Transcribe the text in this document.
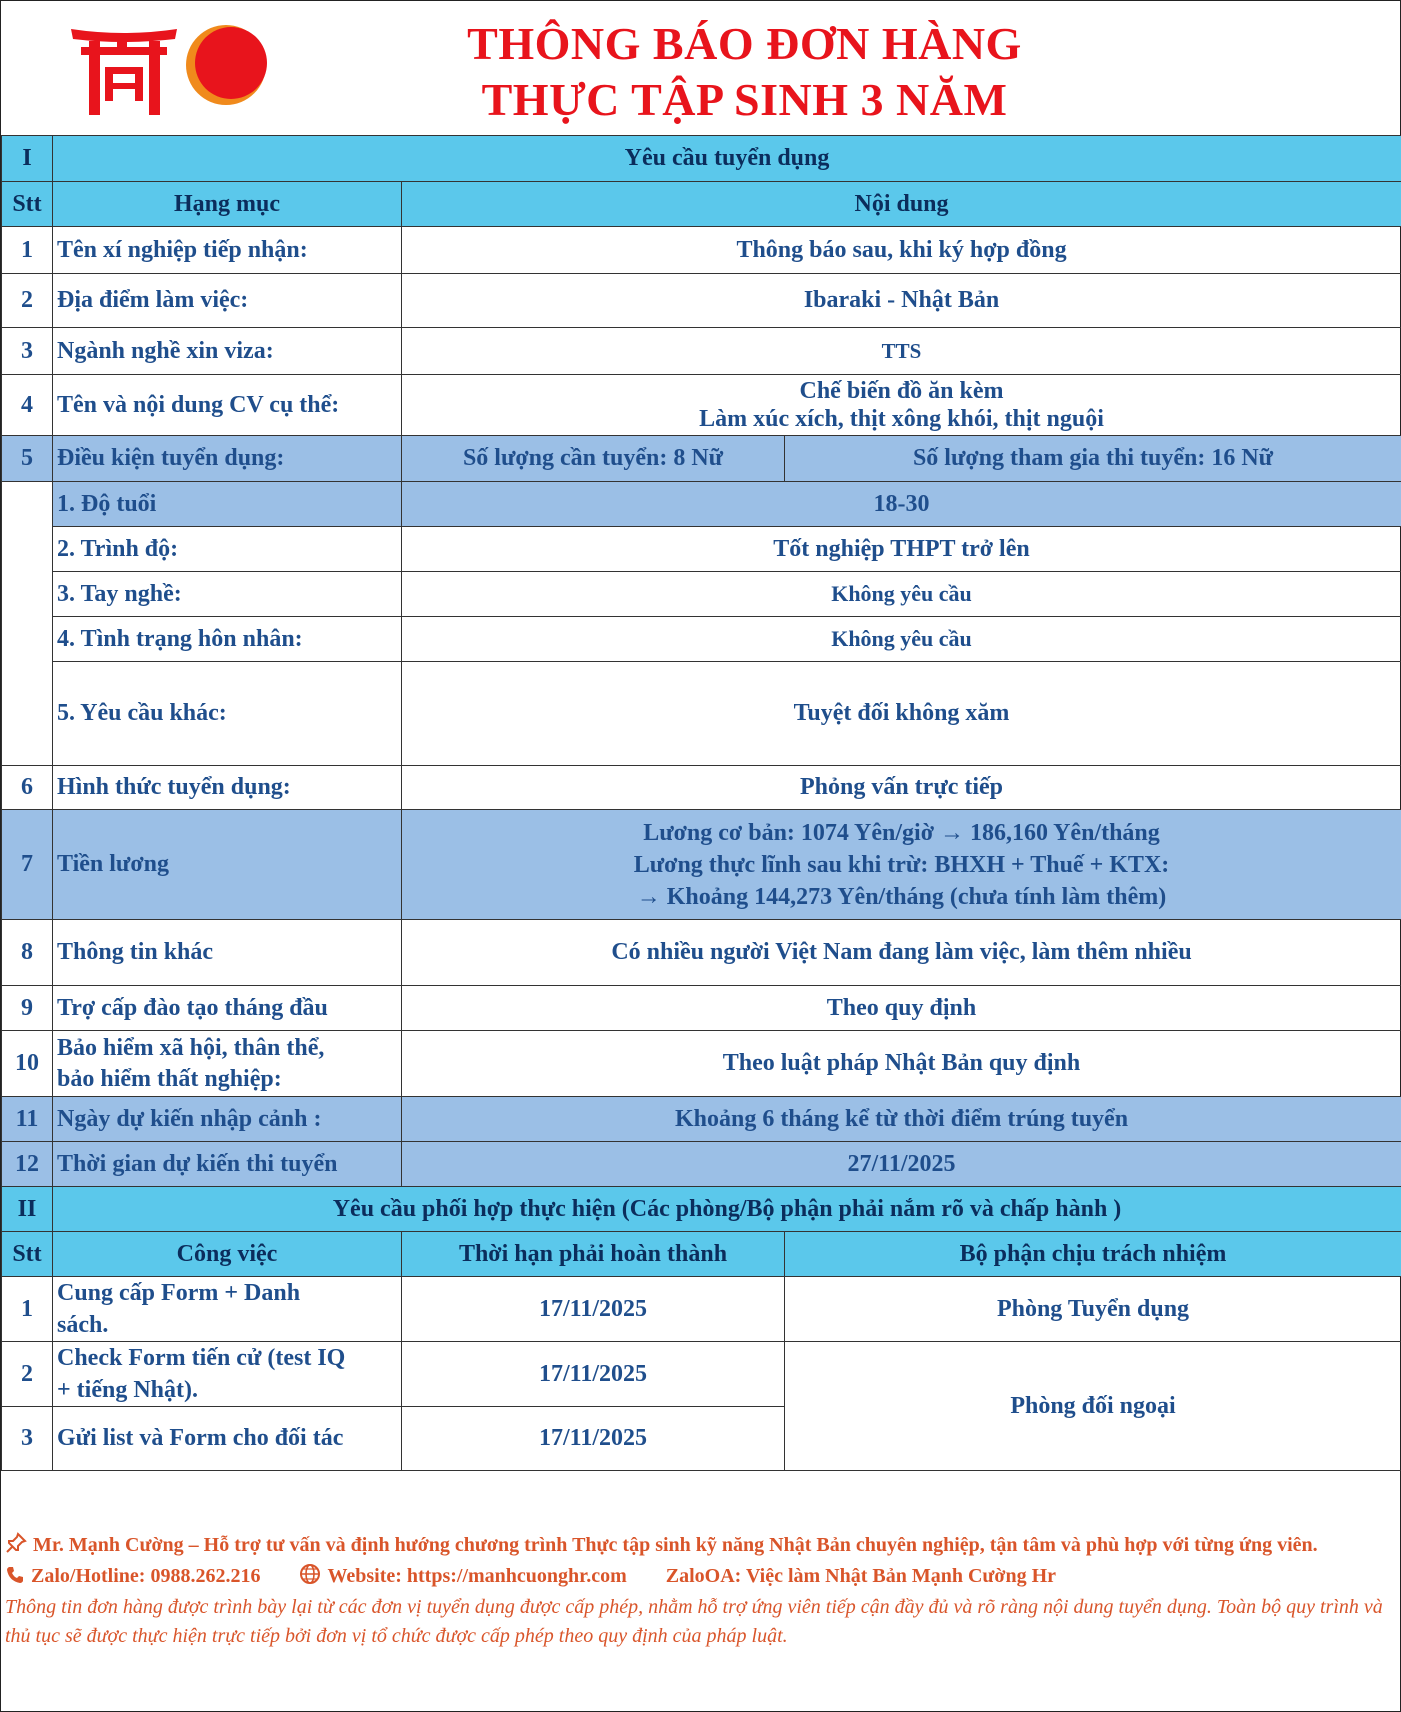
THÔNG BÁO ĐƠN HÀNG
THỰC TẬP SINH 3 NĂM
I	Yêu cầu tuyển dụng		
Stt	Hạng mục	Nội dung	
1	Tên xí nghiệp tiếp nhận:	Thông báo sau, khi ký hợp đồng	
2	Địa điểm làm việc:	Ibaraki - Nhật Bản	
3	Ngành nghề xin viza:	TTS	
4	Tên và nội dung CV cụ thể:	Chế biến đồ ăn kèm
Làm xúc xích, thịt xông khói, thịt nguội	

5	Điều kiện tuyển dụng:	Số lượng cần tuyển: 8 Nữ	Số lượng tham gia thi tuyển: 16 Nữ
	1. Độ tuổi	18-30	
	2. Trình độ:	Tốt nghiệp THPT trở lên	
	3. Tay nghề:	Không yêu cầu	
	4. Tình trạng hôn nhân:	Không yêu cầu	
	5. Yêu cầu khác:	Tuyệt đối không xăm	
6	Hình thức tuyển dụng:	Phỏng vấn trực tiếp	
7	Tiền lương	Lương cơ bản: 1074 Yên/giờ → 186,160 Yên/tháng
Lương thực lĩnh sau khi trừ: BHXH + Thuế + KTX:
→ Khoảng 144,273 Yên/tháng (chưa tính làm thêm)	

8	Thông tin khác	Có nhiều người Việt Nam đang làm việc, làm thêm nhiều	
9	Trợ cấp đào tạo tháng đầu	Theo quy định	
10	Bảo hiểm xã hội, thân thể,
bảo hiểm thất nghiệp:	Theo luật pháp Nhật Bản quy định	
11	Ngày dự kiến nhập cảnh :	Khoảng 6 tháng kể từ thời điểm trúng tuyển	
12	Thời gian dự kiến thi tuyển	27/11/2025	
II	Yêu cầu phối hợp thực hiện (Các phòng/Bộ phận phải nắm rõ và chấp hành )		
Stt	Công việc	Thời hạn phải hoàn thành	Bộ phận chịu trách nhiệm
1	Cung cấp Form + Danh
sách.	17/11/2025	Phòng Tuyển dụng
2	Check Form tiến cử (test IQ
+ tiếng Nhật).	17/11/2025	Phòng đối ngoại
3	Gửi list và Form cho đối tác	17/11/2025	
Mr. Mạnh Cường – Hỗ trợ tư vấn và định hướng chương trình Thực tập sinh kỹ năng Nhật Bản chuyên nghiệp, tận tâm và phù hợp với từng ứng viên.
Zalo/Hotline: 0988.262.216	Website: https://manhcuonghr.com ZaloOA: Việc làm Nhật Bản Mạnh Cường Hr
Thông tin đơn hàng được trình bày lại từ các đơn vị tuyển dụng được cấp phép, nhằm hỗ trợ ứng viên tiếp cận đầy đủ và rõ ràng nội dung tuyển dụng. Toàn bộ quy trình và thủ tục sẽ được thực hiện trực tiếp bởi đơn vị tổ chức được cấp phép theo quy định của pháp luật.
